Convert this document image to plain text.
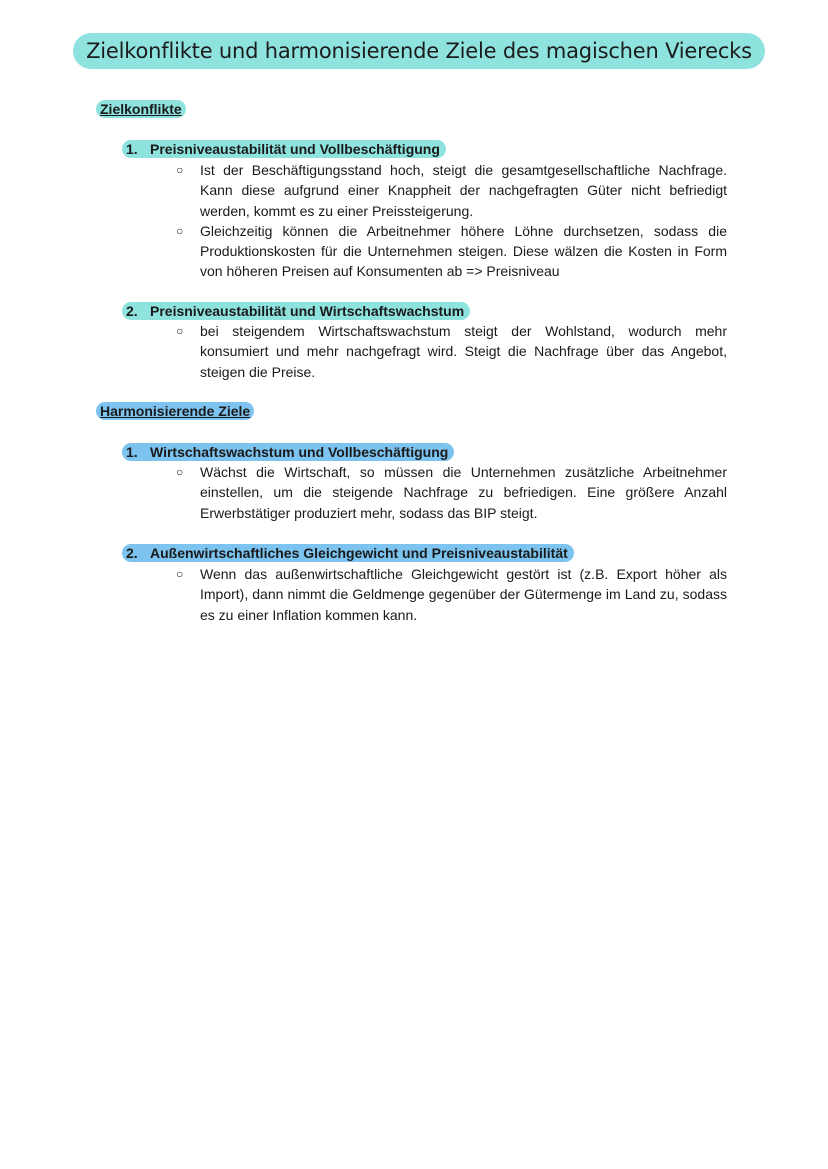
Zielkonflikte und harmonisierende Ziele des magischen Vierecks
Zielkonflikte
1. Preisniveaustabilität und Vollbeschäftigung
○ Ist der Beschäftigungsstand hoch, steigt die gesamtgesellschaftliche Nachfrage. Kann diese aufgrund einer Knappheit der nachgefragten Güter nicht befriedigt werden, kommt es zu einer Preissteigerung.
○ Gleichzeitig können die Arbeitnehmer höhere Löhne durchsetzen, sodass die Produktionskosten für die Unternehmen steigen. Diese wälzen die Kosten in Form von höheren Preisen auf Konsumenten ab => Preisniveau
2. Preisniveaustabilität und Wirtschaftswachstum
○ bei steigendem Wirtschaftswachstum steigt der Wohlstand, wodurch mehr konsumiert und mehr nachgefragt wird. Steigt die Nachfrage über das Angebot, steigen die Preise.
Harmonisierende Ziele
1. Wirtschaftswachstum und Vollbeschäftigung
○ Wächst die Wirtschaft, so müssen die Unternehmen zusätzliche Arbeitnehmer einstellen, um die steigende Nachfrage zu befriedigen. Eine größere Anzahl Erwerbstätiger produziert mehr, sodass das BIP steigt.
2. Außenwirtschaftliches Gleichgewicht und Preisniveaustabilität
○ Wenn das außenwirtschaftliche Gleichgewicht gestört ist (z.B. Export höher als Import), dann nimmt die Geldmenge gegenüber der Gütermenge im Land zu, sodass es zu einer Inflation kommen kann.
